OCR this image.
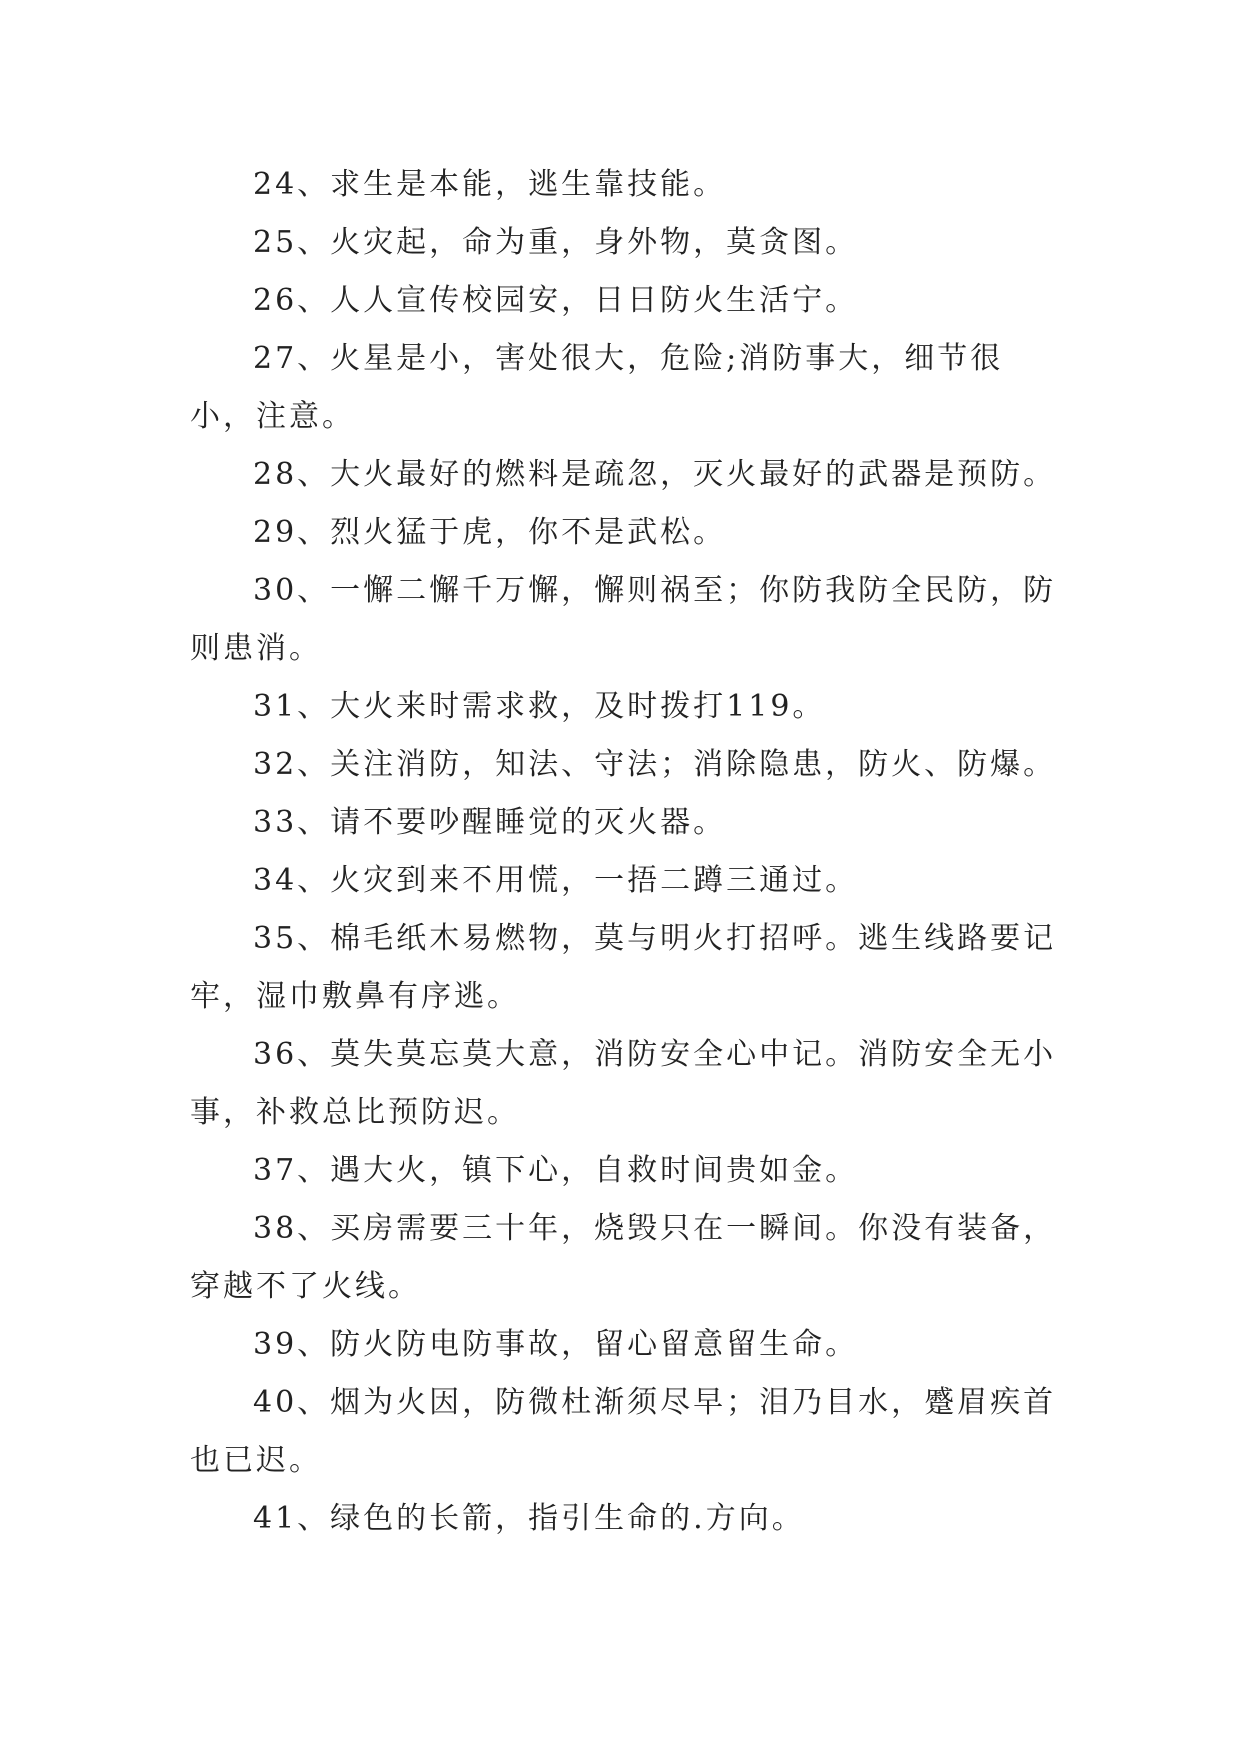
24、求生是本能，逃生靠技能。

25、火灾起，命为重，身外物，莫贪图。

26、人人宣传校园安，日日防火生活宁。

27、火星是小，害处很大，危险;消防事大，细节很小，注意。

28、大火最好的燃料是疏忽，灭火最好的武器是预防。

29、烈火猛于虎，你不是武松。

30、一懈二懈千万懈，懈则祸至；你防我防全民防，防则患消。

31、大火来时需求救，及时拨打119。

32、关注消防，知法、守法；消除隐患，防火、防爆。

33、请不要吵醒睡觉的灭火器。

34、火灾到来不用慌，一捂二蹲三通过。

35、棉毛纸木易燃物，莫与明火打招呼。逃生线路要记牢，湿巾敷鼻有序逃。

36、莫失莫忘莫大意，消防安全心中记。消防安全无小事，补救总比预防迟。

37、遇大火，镇下心，自救时间贵如金。

38、买房需要三十年，烧毁只在一瞬间。你没有装备，穿越不了火线。

39、防火防电防事故，留心留意留生命。

40、烟为火因，防微杜渐须尽早；泪乃目水，蹙眉疾首也已迟。

41、绿色的长箭，指引生命的.方向。
